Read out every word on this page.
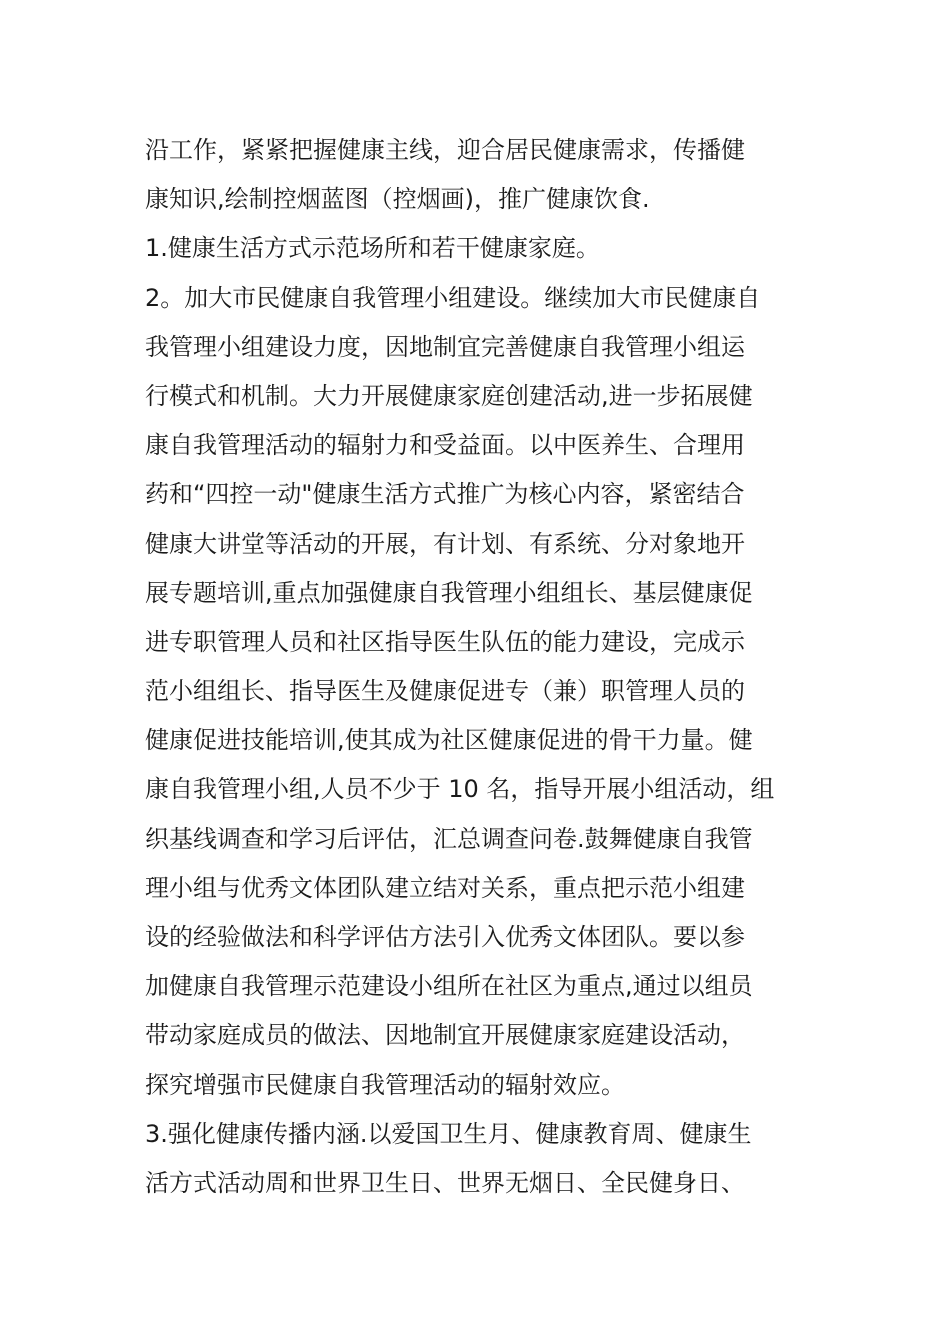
沿工作，紧紧把握健康主线，迎合居民健康需求，传播健
康知识,绘制控烟蓝图（控烟画)，推广健康饮食.
1.健康生活方式示范场所和若干健康家庭。
2。加大市民健康自我管理小组建设。继续加大市民健康自
我管理小组建设力度，因地制宜完善健康自我管理小组运
行模式和机制。大力开展健康家庭创建活动,进一步拓展健
康自我管理活动的辐射力和受益面。以中医养生、合理用
药和“四控一动"健康生活方式推广为核心内容，紧密结合
健康大讲堂等活动的开展，有计划、有系统、分对象地开
展专题培训,重点加强健康自我管理小组组长、基层健康促
进专职管理人员和社区指导医生队伍的能力建设，完成示
范小组组长、指导医生及健康促进专（兼）职管理人员的
健康促进技能培训,使其成为社区健康促进的骨干力量。健
康自我管理小组,人员不少于 10 名，指导开展小组活动，组
织基线调查和学习后评估，汇总调查问卷.鼓舞健康自我管
理小组与优秀文体团队建立结对关系，重点把示范小组建
设的经验做法和科学评估方法引入优秀文体团队。要以参
加健康自我管理示范建设小组所在社区为重点,通过以组员
带动家庭成员的做法、因地制宜开展健康家庭建设活动，
探究增强市民健康自我管理活动的辐射效应。
3.强化健康传播内涵.以爱国卫生月、健康教育周、健康生
活方式活动周和世界卫生日、世界无烟日、全民健身日、
